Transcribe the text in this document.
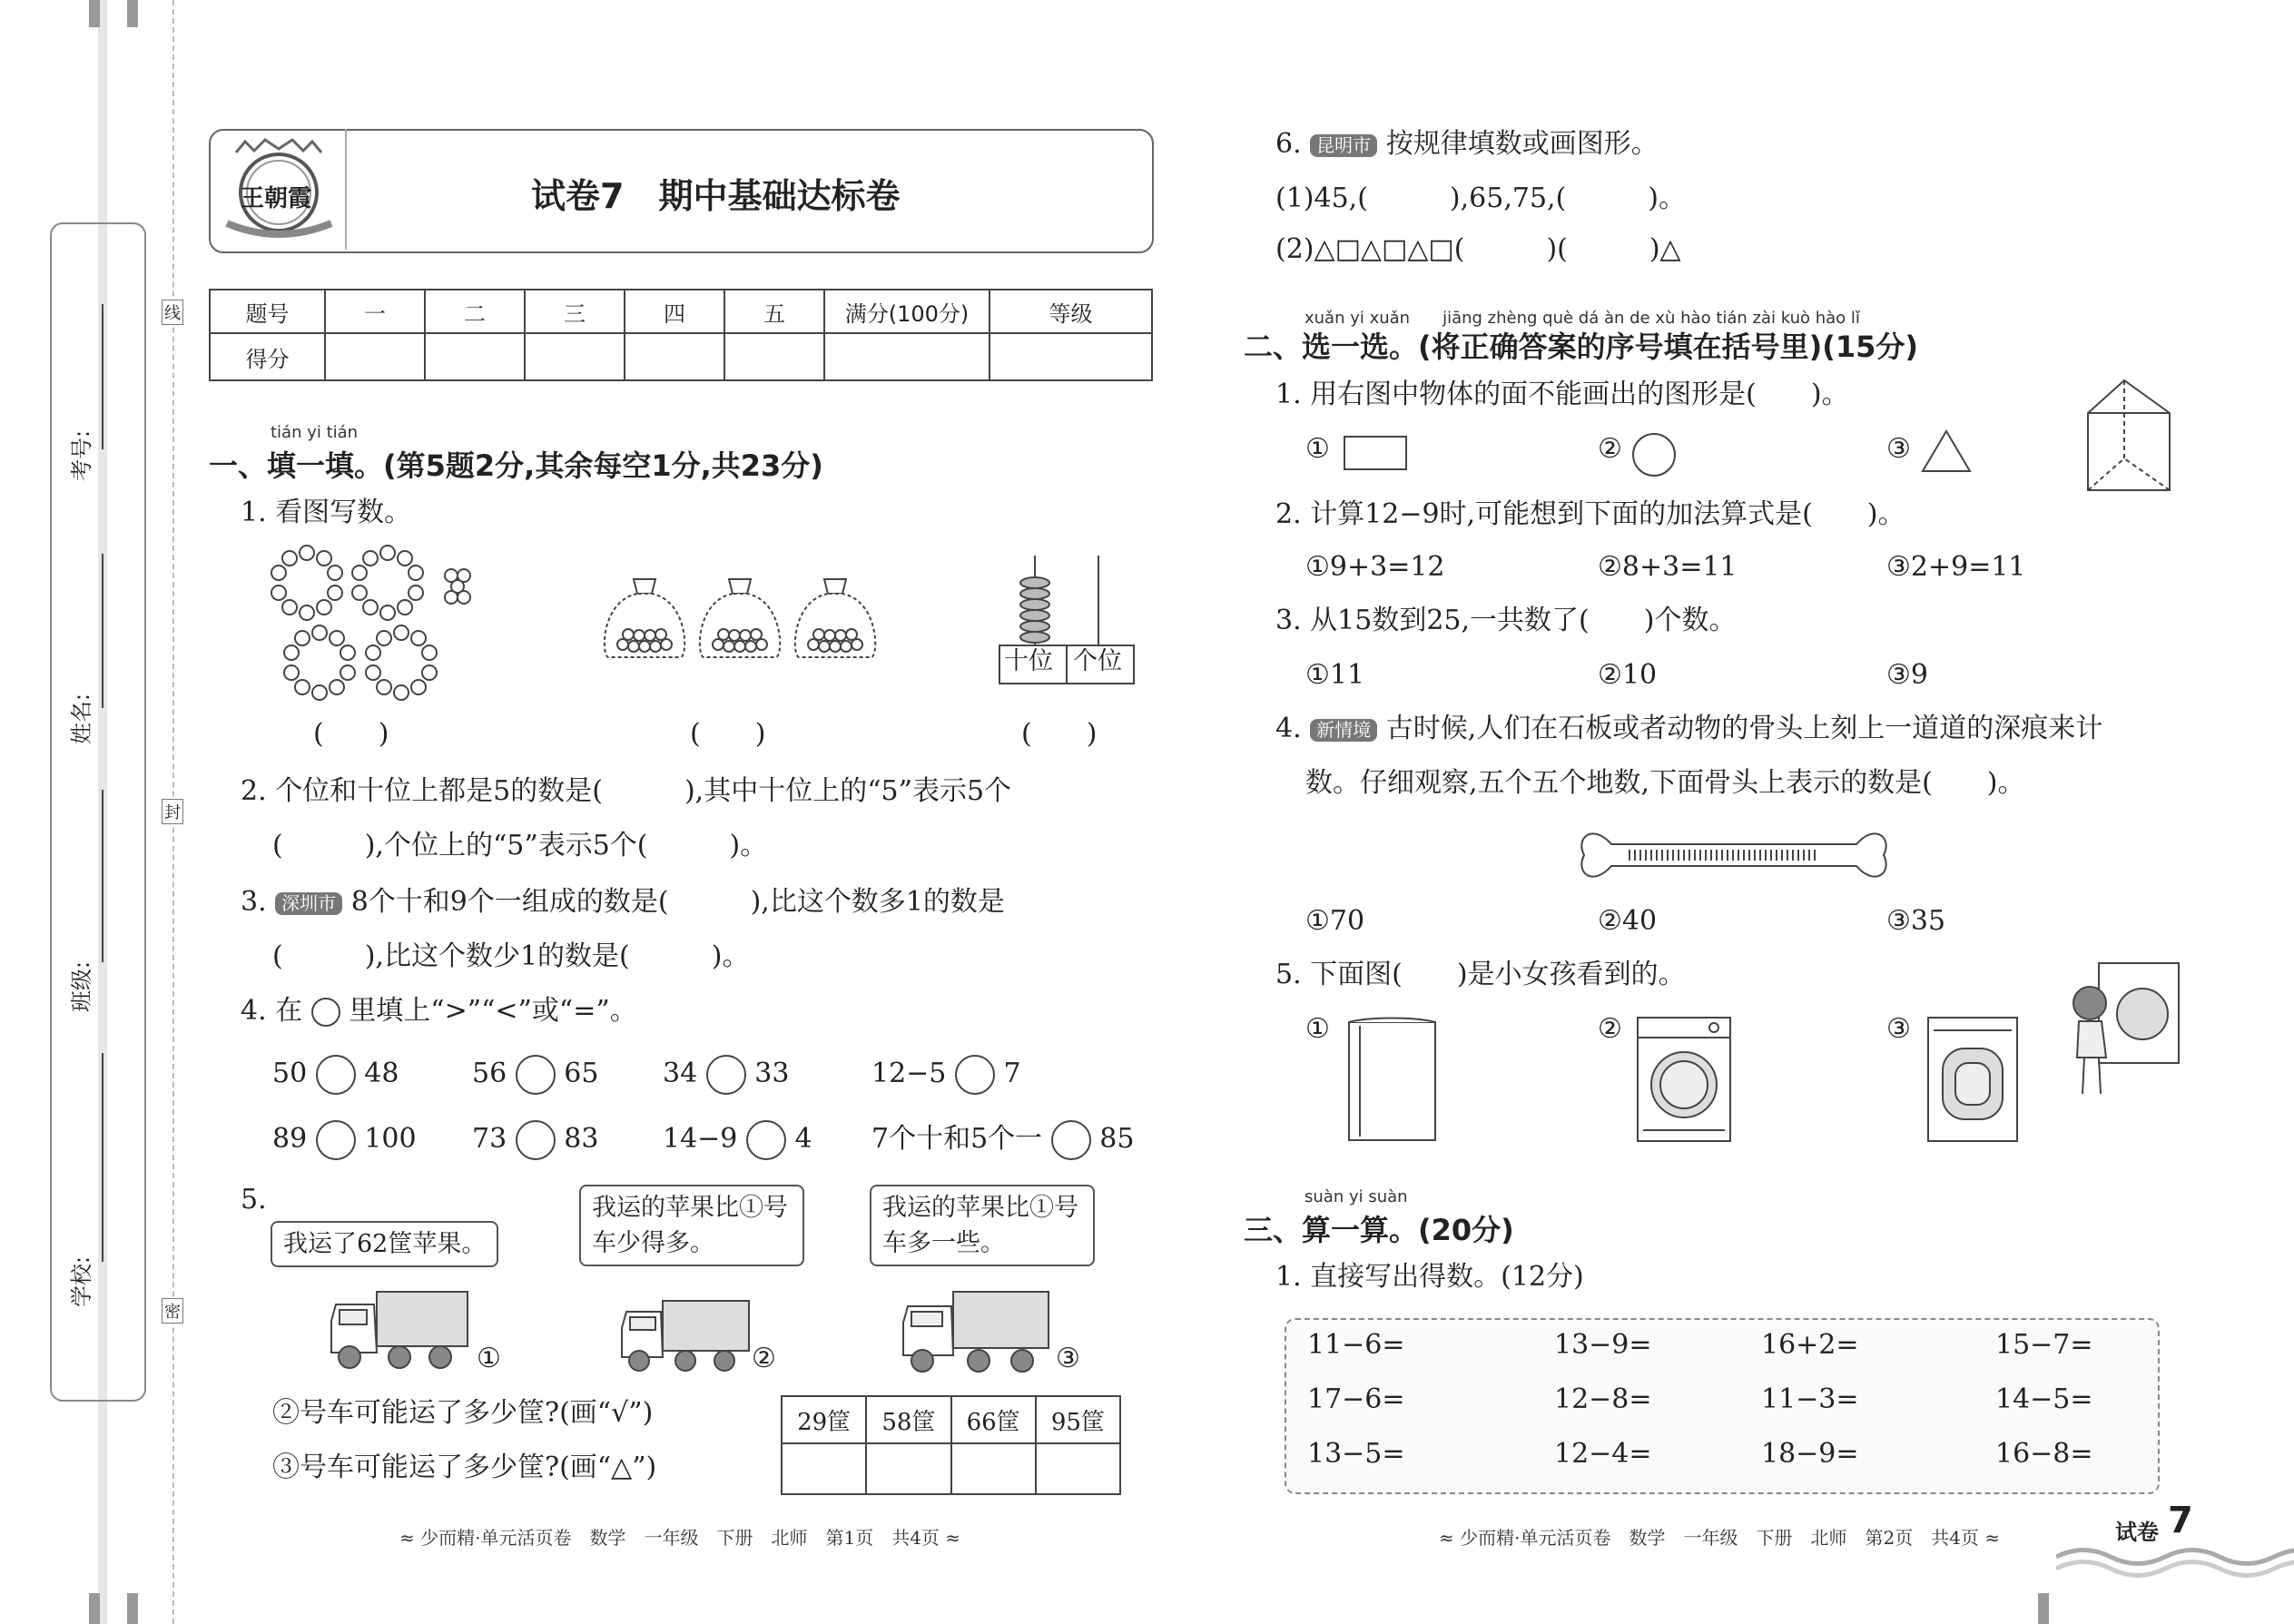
考号:
姓名:
班级:
学校:
线
封
密
王朝霞	试卷7　期中基础达标卷
题号	一	二	三	四	五	满分(100分)	等级
得分							
tián yi tián
一、填一填。(第5题2分,其余每空1分,共23分)
1. 看图写数。
十位 个位
(　　)	(　　)	(　　)
2. 个位和十位上都是5的数是(　　　),其中十位上的“5”表示5个
(　　　),个位上的“5”表示5个(　　　)。
3. 深圳市 8个十和9个一组成的数是(　　　),比这个数多1的数是
(　　　),比这个数少1的数是(　　　)。
4. 在 里填上“>”“<”或“=”。
50 48	56 65 34 33	12−5 7
89 100 73 83 14−9 4 7个十和5个一 85
5.
我运了62筐苹果。
我运的苹果比①号车少得多。
我运的苹果比①号车多一些。
①	②	③
②号车可能运了多少筐?(画“√”)
③号车可能运了多少筐?(画“△”)
29筐	58筐	66筐	95筐

≈ 少而精·单元活页卷　数学　一年级　下册　北师　第1页　共4页 ≈
6. 昆明市 按规律填数或画图形。
(1)45,(　　　),65,75,(　　　)。
(2)△□△□△□(　　　)(　　　)△
xuǎn yi xuǎn　　jiāng zhèng què dá àn de xù hào tián zài kuò hào lǐ
二、选一选。(将正确答案的序号填在括号里)(15分)
1. 用右图中物体的面不能画出的图形是(　　)。
①	②	③
2. 计算12−9时,可能想到下面的加法算式是(　　)。
①9+3=12	②8+3=11	③2+9=11
3. 从15数到25,一共数了(　　)个数。
①11	②10	③9
4. 新情境 古时候,人们在石板或者动物的骨头上刻上一道道的深痕来计
数。仔细观察,五个五个地数,下面骨头上表示的数是(　　)。
①70	②40	③35
5. 下面图(　　)是小女孩看到的。
①	②	③
suàn yi suàn
三、算一算。(20分)
1. 直接写出得数。(12分)
11−6=	13−9=	16+2=	15−7=
17−6=	12−8=	11−3=	14−5=
13−5=	12−4=	18−9=	16−8=
≈ 少而精·单元活页卷　数学　一年级　下册　北师　第2页　共4页 ≈	试卷 7
